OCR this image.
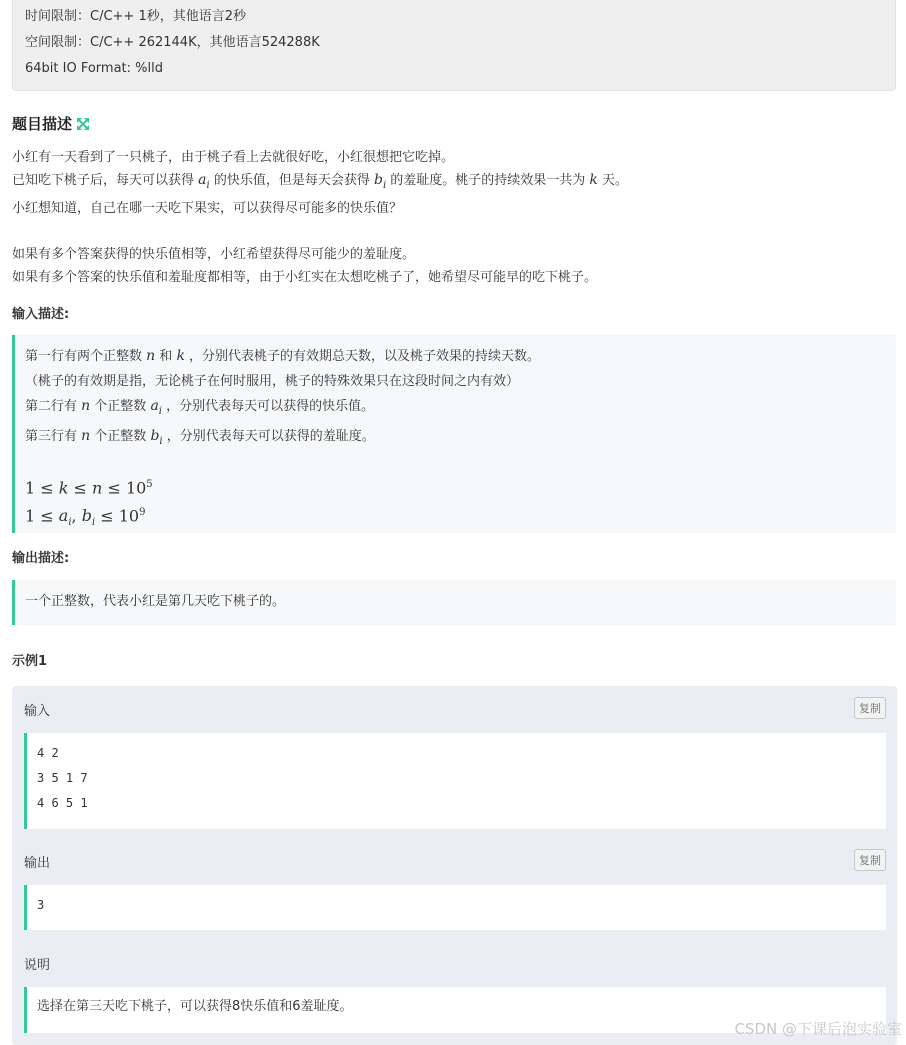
时间限制：C/C++ 1秒，其他语言2秒
空间限制：C/C++ 262144K，其他语言524288K
64bit IO Format: %lld
题目描述

小红有一天看到了一只桃子，由于桃子看上去就很好吃，小红很想把它吃掉。

已知吃下桃子后，每天可以获得 $a_i$ 的快乐值，但是每天会获得 $b_i$ 的羞耻度。桃子的持续效果一共为 k 天。

小红想知道，自己在哪一天吃下果实，可以获得尽可能多的快乐值？

如果有多个答案获得的快乐值相等，小红希望获得尽可能少的羞耻度。

如果有多个答案的快乐值和羞耻度都相等，由于小红实在太想吃桃子了，她希望尽可能早的吃下桃子。

输入描述:
第一行有两个正整数 n 和 k ，分别代表桃子的有效期总天数，以及桃子效果的持续天数。
（桃子的有效期是指，无论桃子在何时服用，桃子的特殊效果只在这段时间之内有效）
第二行有 n 个正整数 $a_i$ ，分别代表每天可以获得的快乐值。
第三行有 n 个正整数 $b_i$ ，分别代表每天可以获得的羞耻度。
$1 \le k \le n \le 10^5$
$1 \le a_i$, $b_i \le 10^9$
输出描述:
一个正整数，代表小红是第几天吃下桃子的。
示例1
输入	复制
4 2
3 5 1 7
4 6 5 1
输出	复制
3
说明
选择在第三天吃下桃子，可以获得8快乐值和6羞耻度。
CSDN @下课后泡实验室
